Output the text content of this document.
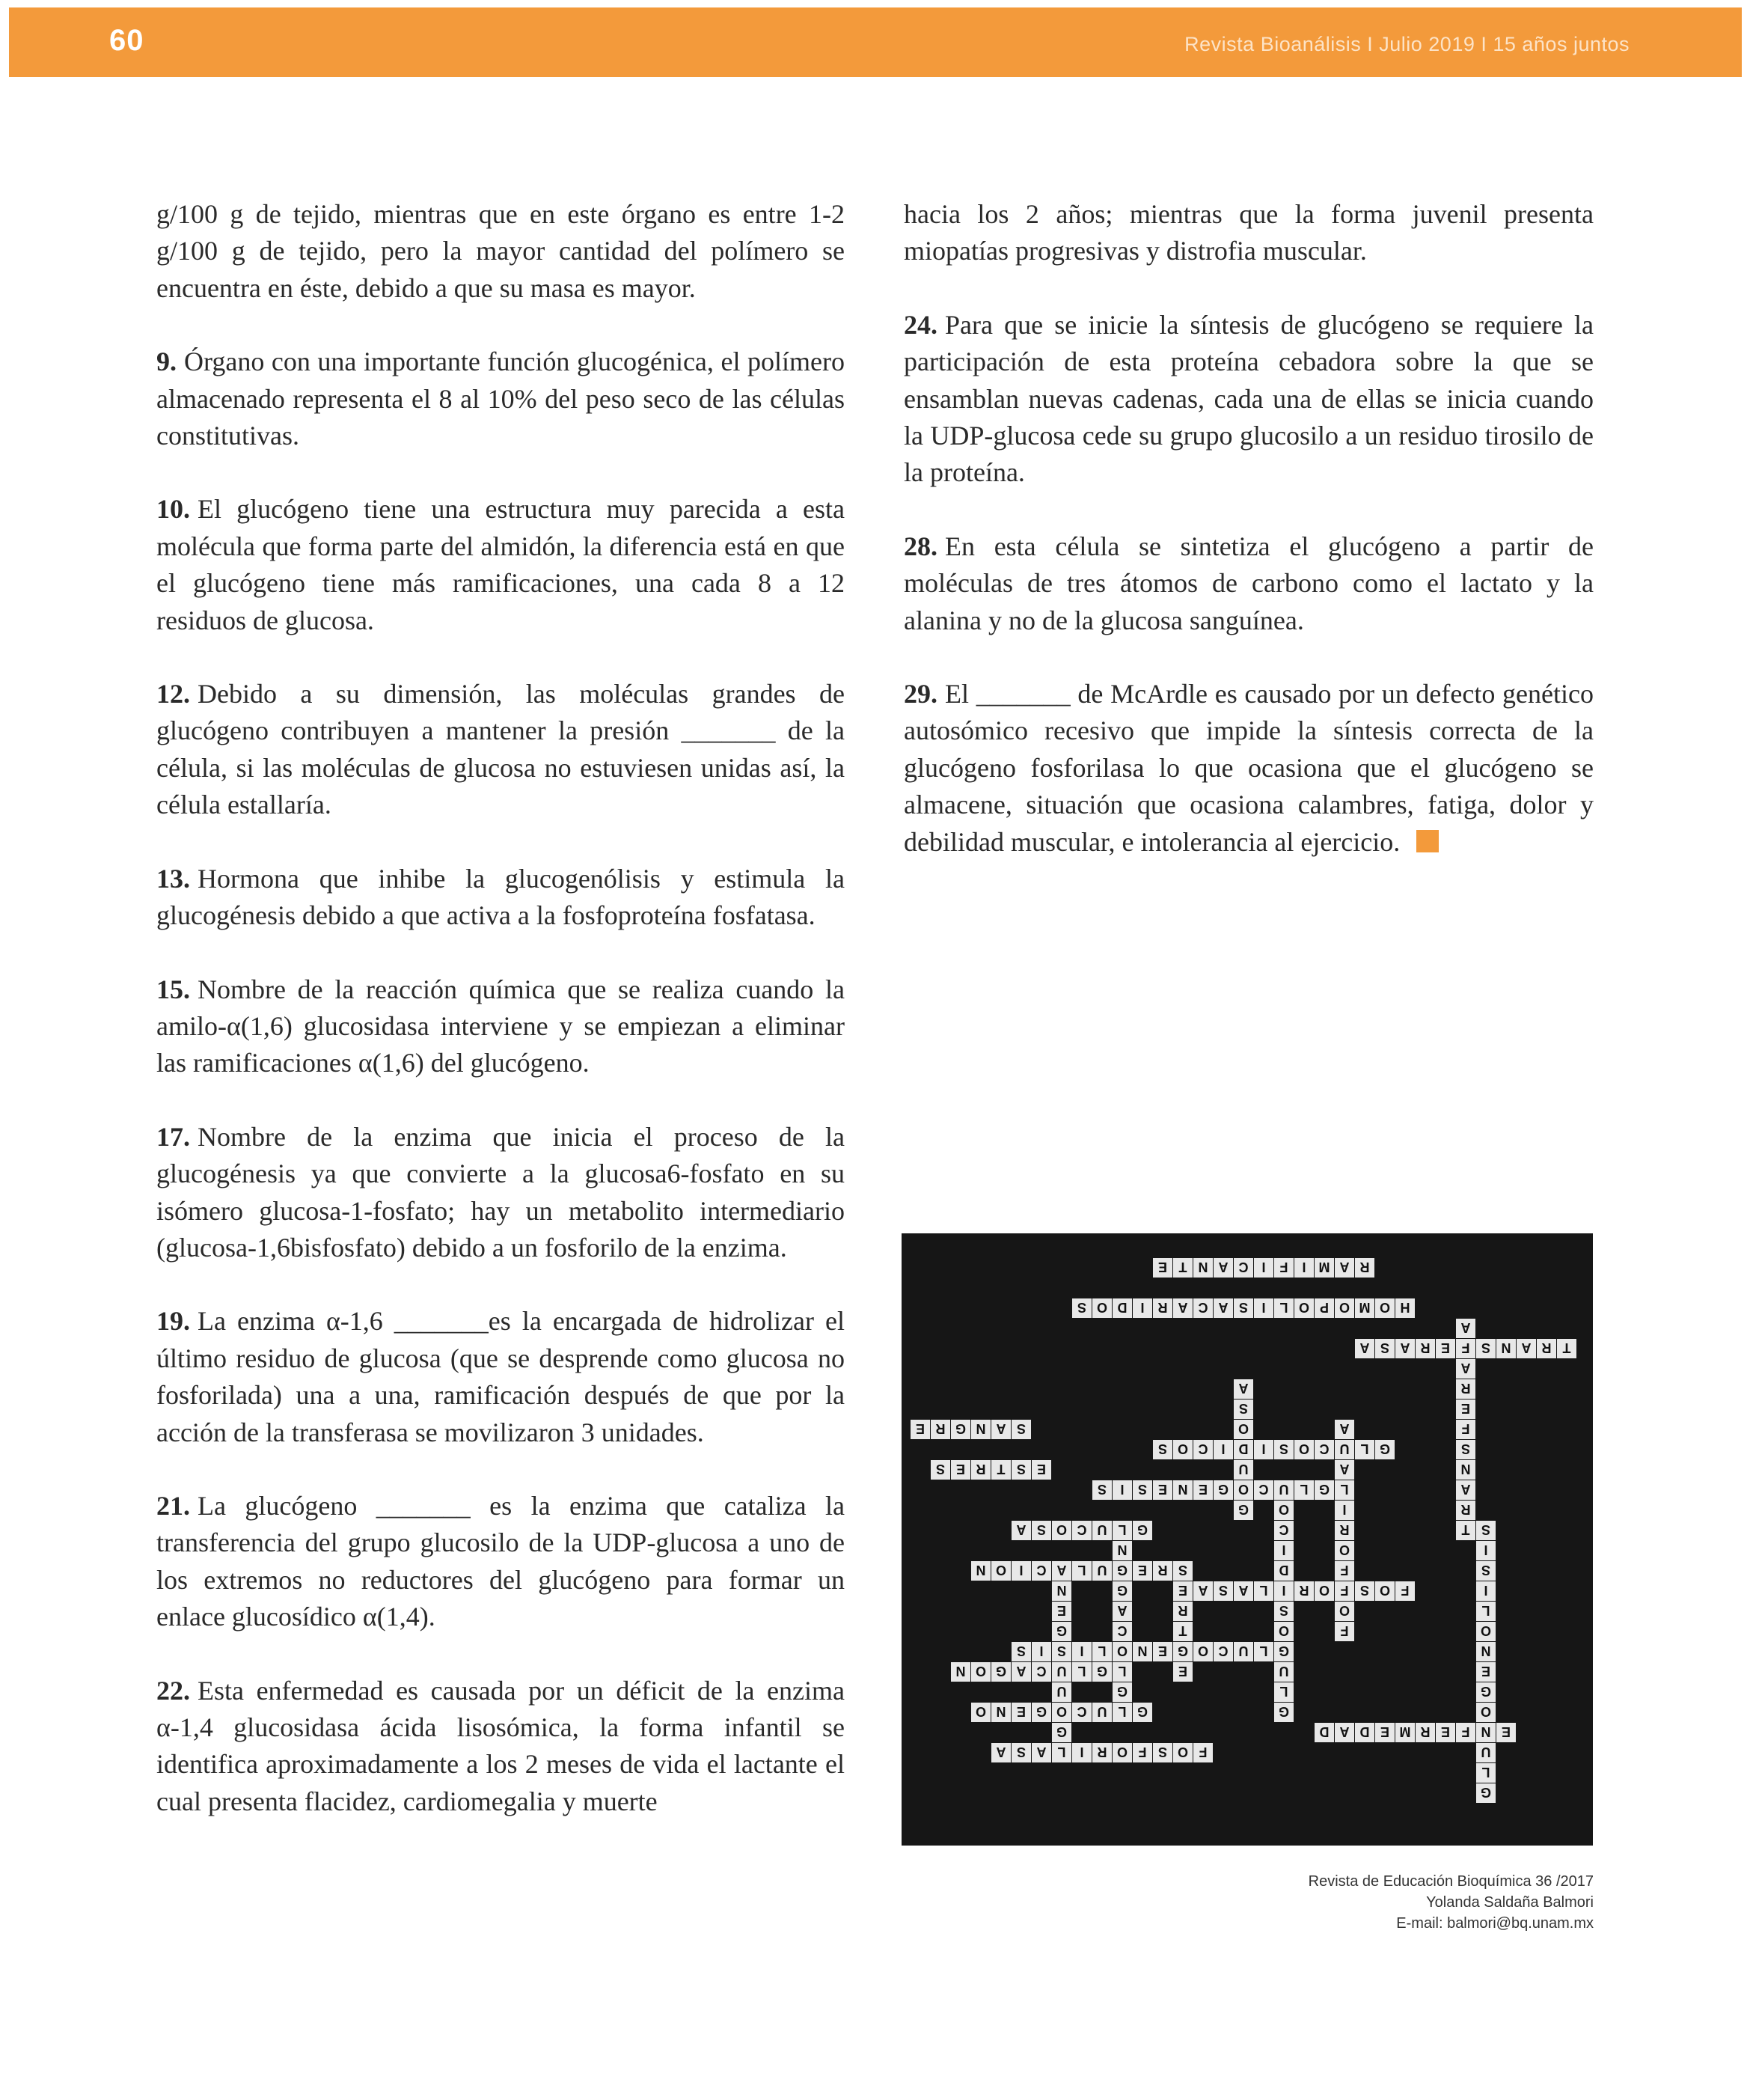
60	Revista Bioanálisis I Julio 2019 I 15 años juntos

g/100 g de tejido, mientras que en este órgano es entre 1-2 g/100 g de tejido, pero la mayor cantidad del polímero se encuentra en éste, debido a que su masa es mayor.

9. Órgano con una importante función glucogénica, el polímero almacenado representa el 8 al 10% del peso seco de las células constitutivas.

10. El glucógeno tiene una estructura muy parecida a esta molécula que forma parte del almidón, la diferencia está en que el glucógeno tiene más ramificaciones, una cada 8 a 12 residuos de glucosa.

12. Debido a su dimensión, las moléculas grandes de glucógeno contribuyen a mantener la presión _______ de la célula, si las moléculas de glucosa no estuviesen unidas así, la célula estallaría.

13. Hormona que inhibe la glucogenólisis y estimula la glucogénesis debido a que activa a la fosfoproteína fosfatasa.

15. Nombre de la reacción química que se realiza cuando la amilo-α(1,6) glucosidasa interviene y se empiezan a eliminar las ramificaciones α(1,6) del glucógeno.

17. Nombre de la enzima que inicia el proceso de la glucogénesis ya que convierte a la glucosa6-fosfato en su isómero glucosa-1-fosfato; hay un metabolito intermediario (glucosa-1,6bisfosfato) debido a un fosforilo de la enzima.

19. La enzima α-1,6 _______es la encargada de hidrolizar el último residuo de glucosa (que se desprende como glucosa no fosforilada) una a una, ramificación después de que por la acción de la transferasa se movilizaron 3 unidades.

21. La glucógeno _______ es la enzima que cataliza la transferencia del grupo glucosilo de la UDP-glucosa a uno de los extremos no reductores del glucógeno para formar un enlace glucosídico α(1,4).

22. Esta enfermedad es causada por un déficit de la enzima α-1,4 glucosidasa ácida lisosómica, la forma infantil se identifica aproximadamente a los 2 meses de vida el lactante el cual presenta flacidez, cardiomegalia y muerte

hacia los 2 años; mientras que la forma juvenil presenta miopatías progresivas y distrofia muscular.

24. Para que se inicie la síntesis de glucógeno se requiere la participación de esta proteína cebadora sobre la que se ensamblan nuevas cadenas, cada una de ellas se inicia cuando la UDP-glucosa cede su grupo glucosilo a un residuo tirosilo de la proteína.

28. En esta célula se sintetiza el glucógeno a partir de moléculas de tres átomos de carbono como el lactato y la alanina y no de la glucosa sanguínea.

29. El _______ de McArdle es causado por un defecto genético autosómico recesivo que impide la síntesis correcta de la glucógeno fosforilasa lo que ocasiona que el glucógeno se almacene, situación que ocasiona calambres, fatiga, dolor y debilidad muscular, e intolerancia al ejercicio.

E T N A C I F I M A R
S O D I R A C A S I L O P O M O H
A S A R E F S N A R T
E R G N A S
S O C I D I S O C U L G
S E R T S E
S I S E N E G O C U L G
A S O C U L G
N O I C A L U G E R
A S A L I R O F S O F
S I S I L O N E G O C U L G
N O G A C U L G
O N E G O C U L G
D A D E M R E F N E
A S A L I R O F S O F
A
A
R
E
F
S
N
A
R
T
A
S
O
U
G
A
A
L
I
R
O
F
O
F
S
I
S
I
L
O
N
E
G
O
U
L
G
N
E
G
U
G
S
E
R
T
E
N
G
A
C
L
G
O
C
I
D
S
O
U
L
G
Revista de Educación Bioquímica 36 /2017
Yolanda Saldaña Balmori
E-mail: balmori@bq.unam.mx
